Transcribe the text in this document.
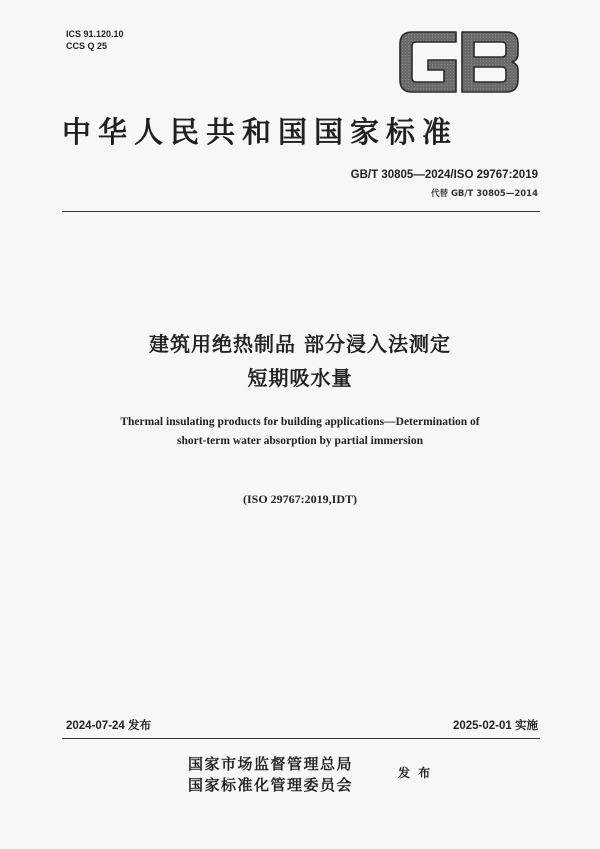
ICS 91.120.10
CCS Q 25
中华人民共和国国家标准
GB/T 30805—2024/ISO 29767:2019
代替 GB/T 30805—2014
建筑用绝热制品 部分浸入法测定
短期吸水量
Thermal insulating products for building applications—Determination of
short-term water absorption by partial immersion
(ISO 29767:2019,IDT)
2024-07-24 发布	2025-02-01 实施
国家市场监督管理总局
国家标准化管理委员会
发 布
